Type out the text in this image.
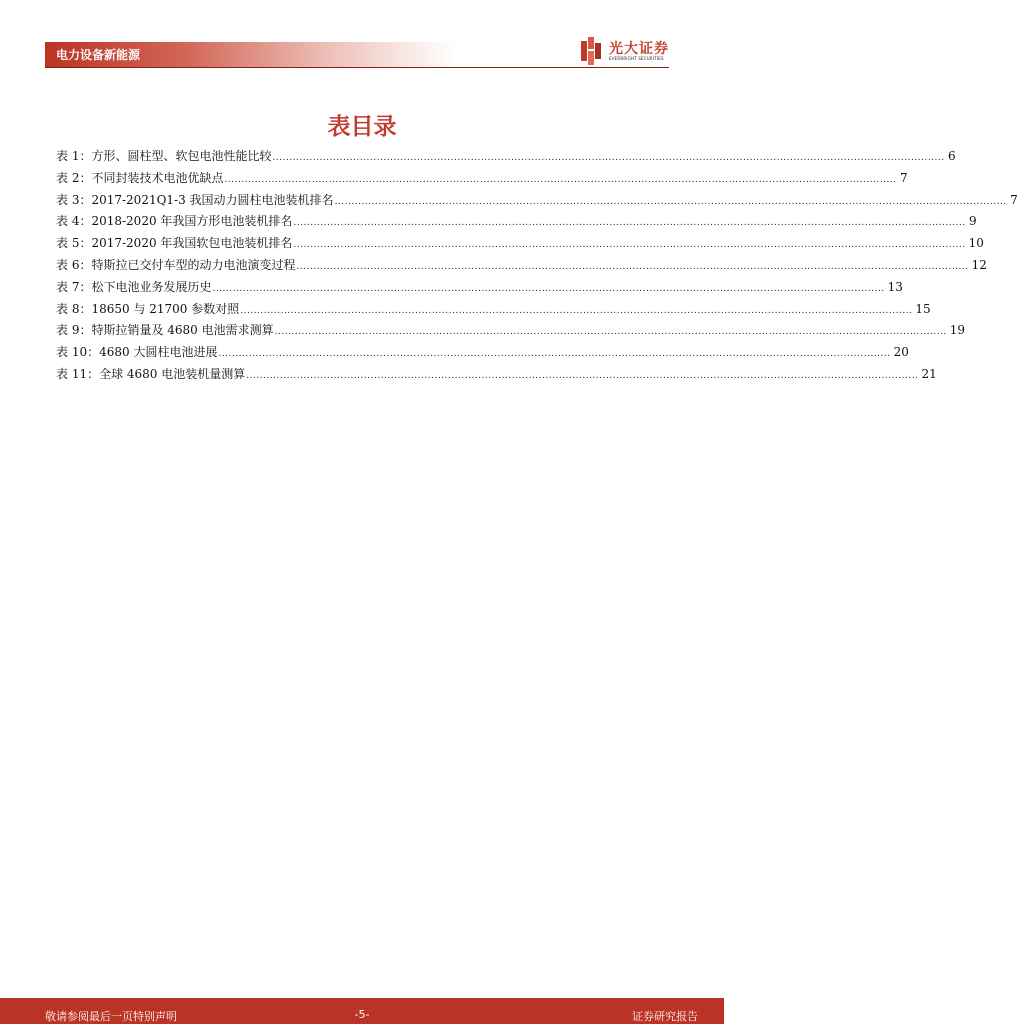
电力设备新能源	光大证券
EVERBRIGHT SECURITIES
表目录
表 1：方形、圆柱型、软包电池性能比较 ........................................................................................................................................................................................................ 6
表 2：不同封装技术电池优缺点 ........................................................................................................................................................................................................ 7
表 3：2017-2021Q1-3 我国动力圆柱电池装机排名 ........................................................................................................................................................................................................ 7
表 4：2018-2020 年我国方形电池装机排名 ........................................................................................................................................................................................................ 9
表 5：2017-2020 年我国软包电池装机排名 ........................................................................................................................................................................................................ 10
表 6：特斯拉已交付车型的动力电池演变过程 ........................................................................................................................................................................................................ 12
表 7：松下电池业务发展历史 ........................................................................................................................................................................................................ 13
表 8：18650 与 21700 参数对照 ........................................................................................................................................................................................................ 15
表 9：特斯拉销量及 4680 电池需求测算 ........................................................................................................................................................................................................ 19
表 10：4680 大圆柱电池进展 ........................................................................................................................................................................................................ 20
表 11：全球 4680 电池装机量测算 ........................................................................................................................................................................................................ 21
敬请参阅最后一页特别声明	-5-	证券研究报告
